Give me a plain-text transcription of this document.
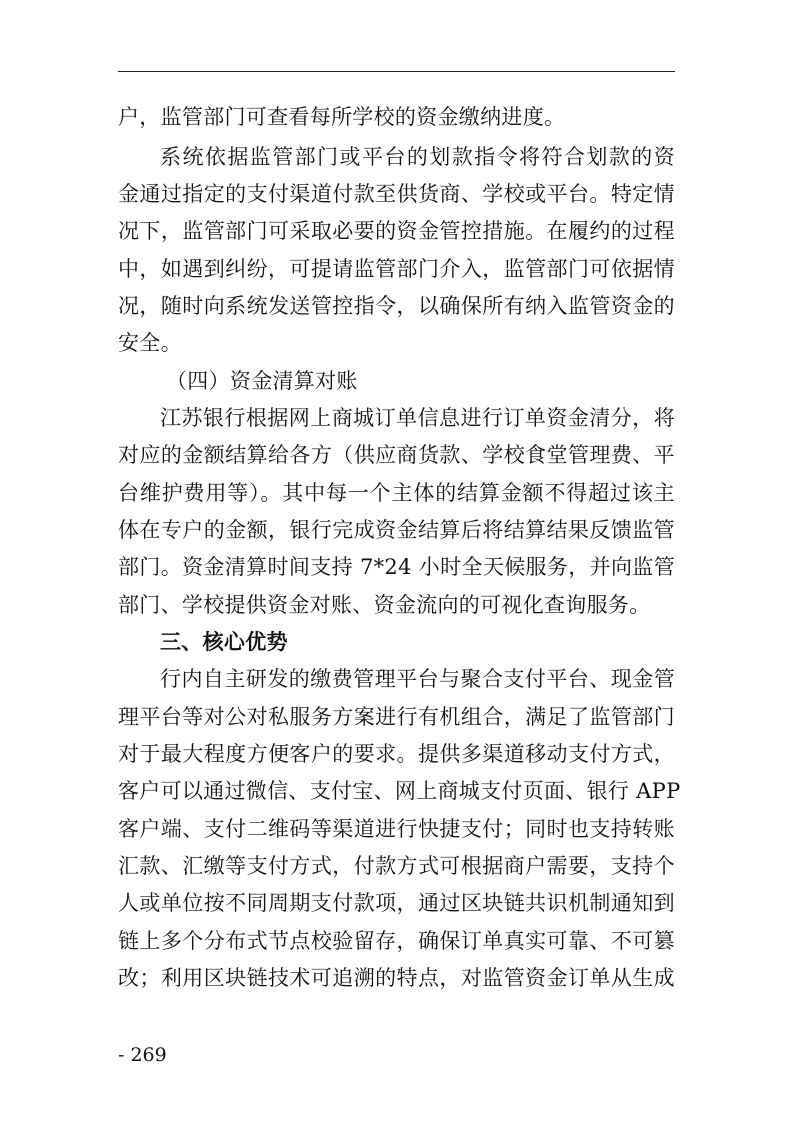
户，监管部门可查看每所学校的资金缴纳进度。
系统依据监管部门或平台的划款指令将符合划款的资
金通过指定的支付渠道付款至供货商、学校或平台。特定情
况下，监管部门可采取必要的资金管控措施。在履约的过程
中，如遇到纠纷，可提请监管部门介入，监管部门可依据情
况，随时向系统发送管控指令，以确保所有纳入监管资金的
安全。
（四）资金清算对账
江苏银行根据网上商城订单信息进行订单资金清分，将
对应的金额结算给各方（供应商货款、学校食堂管理费、平
台维护费用等）。其中每一个主体的结算金额不得超过该主
体在专户的金额，银行完成资金结算后将结算结果反馈监管
部门。资金清算时间支持 7*24 小时全天候服务，并向监管
部门、学校提供资金对账、资金流向的可视化查询服务。
三、核心优势
行内自主研发的缴费管理平台与聚合支付平台、现金管
理平台等对公对私服务方案进行有机组合，满足了监管部门
对于最大程度方便客户的要求。提供多渠道移动支付方式，
客户可以通过微信、支付宝、网上商城支付页面、银行 APP
客户端、支付二维码等渠道进行快捷支付；同时也支持转账
汇款、汇缴等支付方式，付款方式可根据商户需要，支持个
人或单位按不同周期支付款项，通过区块链共识机制通知到
链上多个分布式节点校验留存，确保订单真实可靠、不可篡
改；利用区块链技术可追溯的特点，对监管资金订单从生成
- 269
